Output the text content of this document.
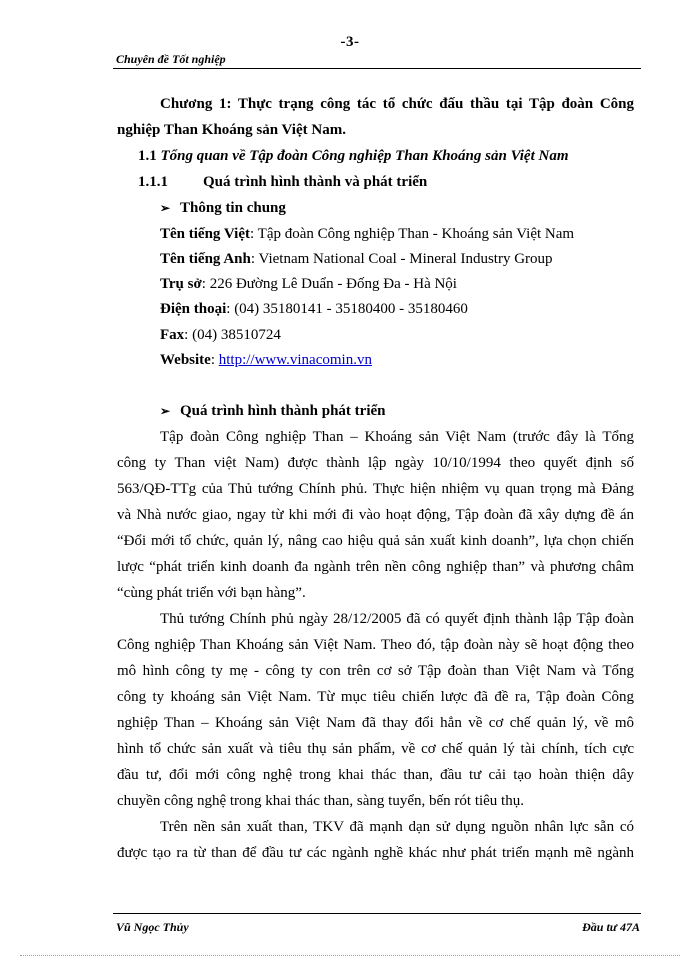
-3-
Chuyên đề Tốt nghiệp
Chương 1: Thực trạng công tác tổ chức đấu thầu tại Tập đoàn Công
nghiệp Than Khoáng sản Việt Nam.
1.1 Tổng quan về Tập đoàn Công nghiệp Than Khoáng sản Việt Nam
1.1.1 Quá trình hình thành và phát triển
➢ Thông tin chung
Tên tiếng Việt: Tập đoàn Công nghiệp Than - Khoáng sản Việt Nam
Tên tiếng Anh: Vietnam National Coal - Mineral Industry Group
Trụ sở: 226 Đường Lê Duẩn - Đống Đa - Hà Nội
Điện thoại: (04) 35180141 - 35180400 - 35180460
Fax: (04) 38510724
Website: http://www.vinacomin.vn
➢ Quá trình hình thành phát triển
Tập đoàn Công nghiệp Than – Khoáng sản Việt Nam (trước đây là Tổng
công ty Than việt Nam) được thành lập ngày 10/10/1994 theo quyết định số
563/QĐ-TTg của Thủ tướng Chính phủ. Thực hiện nhiệm vụ quan trọng mà Đảng
và Nhà nước giao, ngay từ khi mới đi vào hoạt động, Tập đoàn đã xây dựng đề án
“Đổi mới tổ chức, quản lý, nâng cao hiệu quả sản xuất kinh doanh”, lựa chọn chiến
lược “phát triển kinh doanh đa ngành trên nền công nghiệp than” và phương châm
“cùng phát triển với bạn hàng”.
Thủ tướng Chính phủ ngày 28/12/2005 đã có quyết định thành lập Tập đoàn
Công nghiệp Than Khoáng sản Việt Nam. Theo đó, tập đoàn này sẽ hoạt động theo
mô hình công ty mẹ - công ty con trên cơ sở Tập đoàn than Việt Nam và Tổng
công ty khoáng sản Việt Nam. Từ mục tiêu chiến lược đã đề ra, Tập đoàn Công
nghiệp Than – Khoáng sản Việt Nam đã thay đổi hẳn về cơ chế quản lý, về mô
hình tổ chức sản xuất và tiêu thụ sản phẩm, về cơ chế quản lý tài chính, tích cực
đầu tư, đổi mới công nghệ trong khai thác than, đầu tư cải tạo hoàn thiện dây
chuyền công nghệ trong khai thác than, sàng tuyển, bến rót tiêu thụ.
Trên nền sản xuất than, TKV đã mạnh dạn sử dụng nguồn nhân lực sẵn có
được tạo ra từ than để đầu tư các ngành nghề khác như phát triển mạnh mẽ ngành
Vũ Ngọc Thủy	Đầu tư 47A
